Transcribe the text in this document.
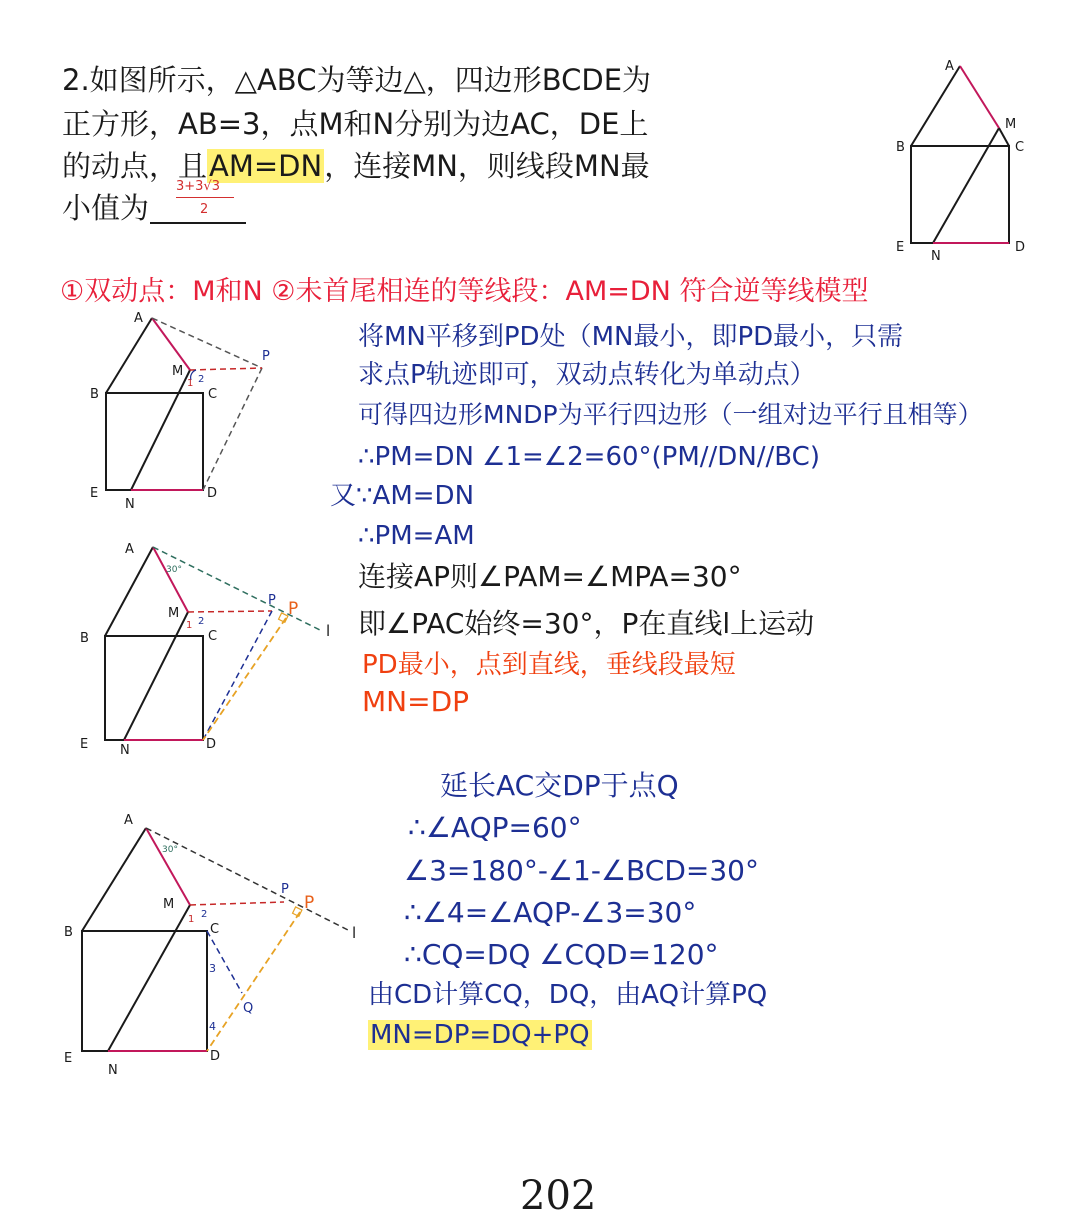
2.如图所示，△ABC为等边△，四边形BCDE为
正方形，AB=3，点M和N分别为边AC，DE上
的动点，且AM=DN，连接MN，则线段MN最
小值为
3+3√3
2
①双动点：M和N ②未首尾相连的等线段：AM=DN 符合逆等线模型
将MN平移到PD处（MN最小，即PD最小，只需
求点P轨迹即可，双动点转化为单动点）
可得四边形MNDP为平行四边形（一组对边平行且相等）
∴PM=DN ∠1=∠2=60°(PM//DN//BC)
又∵AM=DN
∴PM=AM
连接AP则∠PAM=∠MPA=30°
即∠PAC始终=30°，P在直线l上运动
PD最小，点到直线，垂线段最短
MN=DP
延长AC交DP于点Q
∴∠AQP=60°
∠3=180°-∠1-∠BCD=30°
∴∠4=∠AQP-∠3=30°
∴CQ=DQ ∠CQD=120°
由CD计算CQ，DQ，由AQ计算PQ
MN=DP=DQ+PQ
A
B	C
M
E
N
D
A
B	C
M
P
E
N
D
2
1
A
B	C
M
P P
l
E N	D
30°
2
1
A
B	C
M
P
P
l
Q
E
N
D
30°
2
1
3
4
202
